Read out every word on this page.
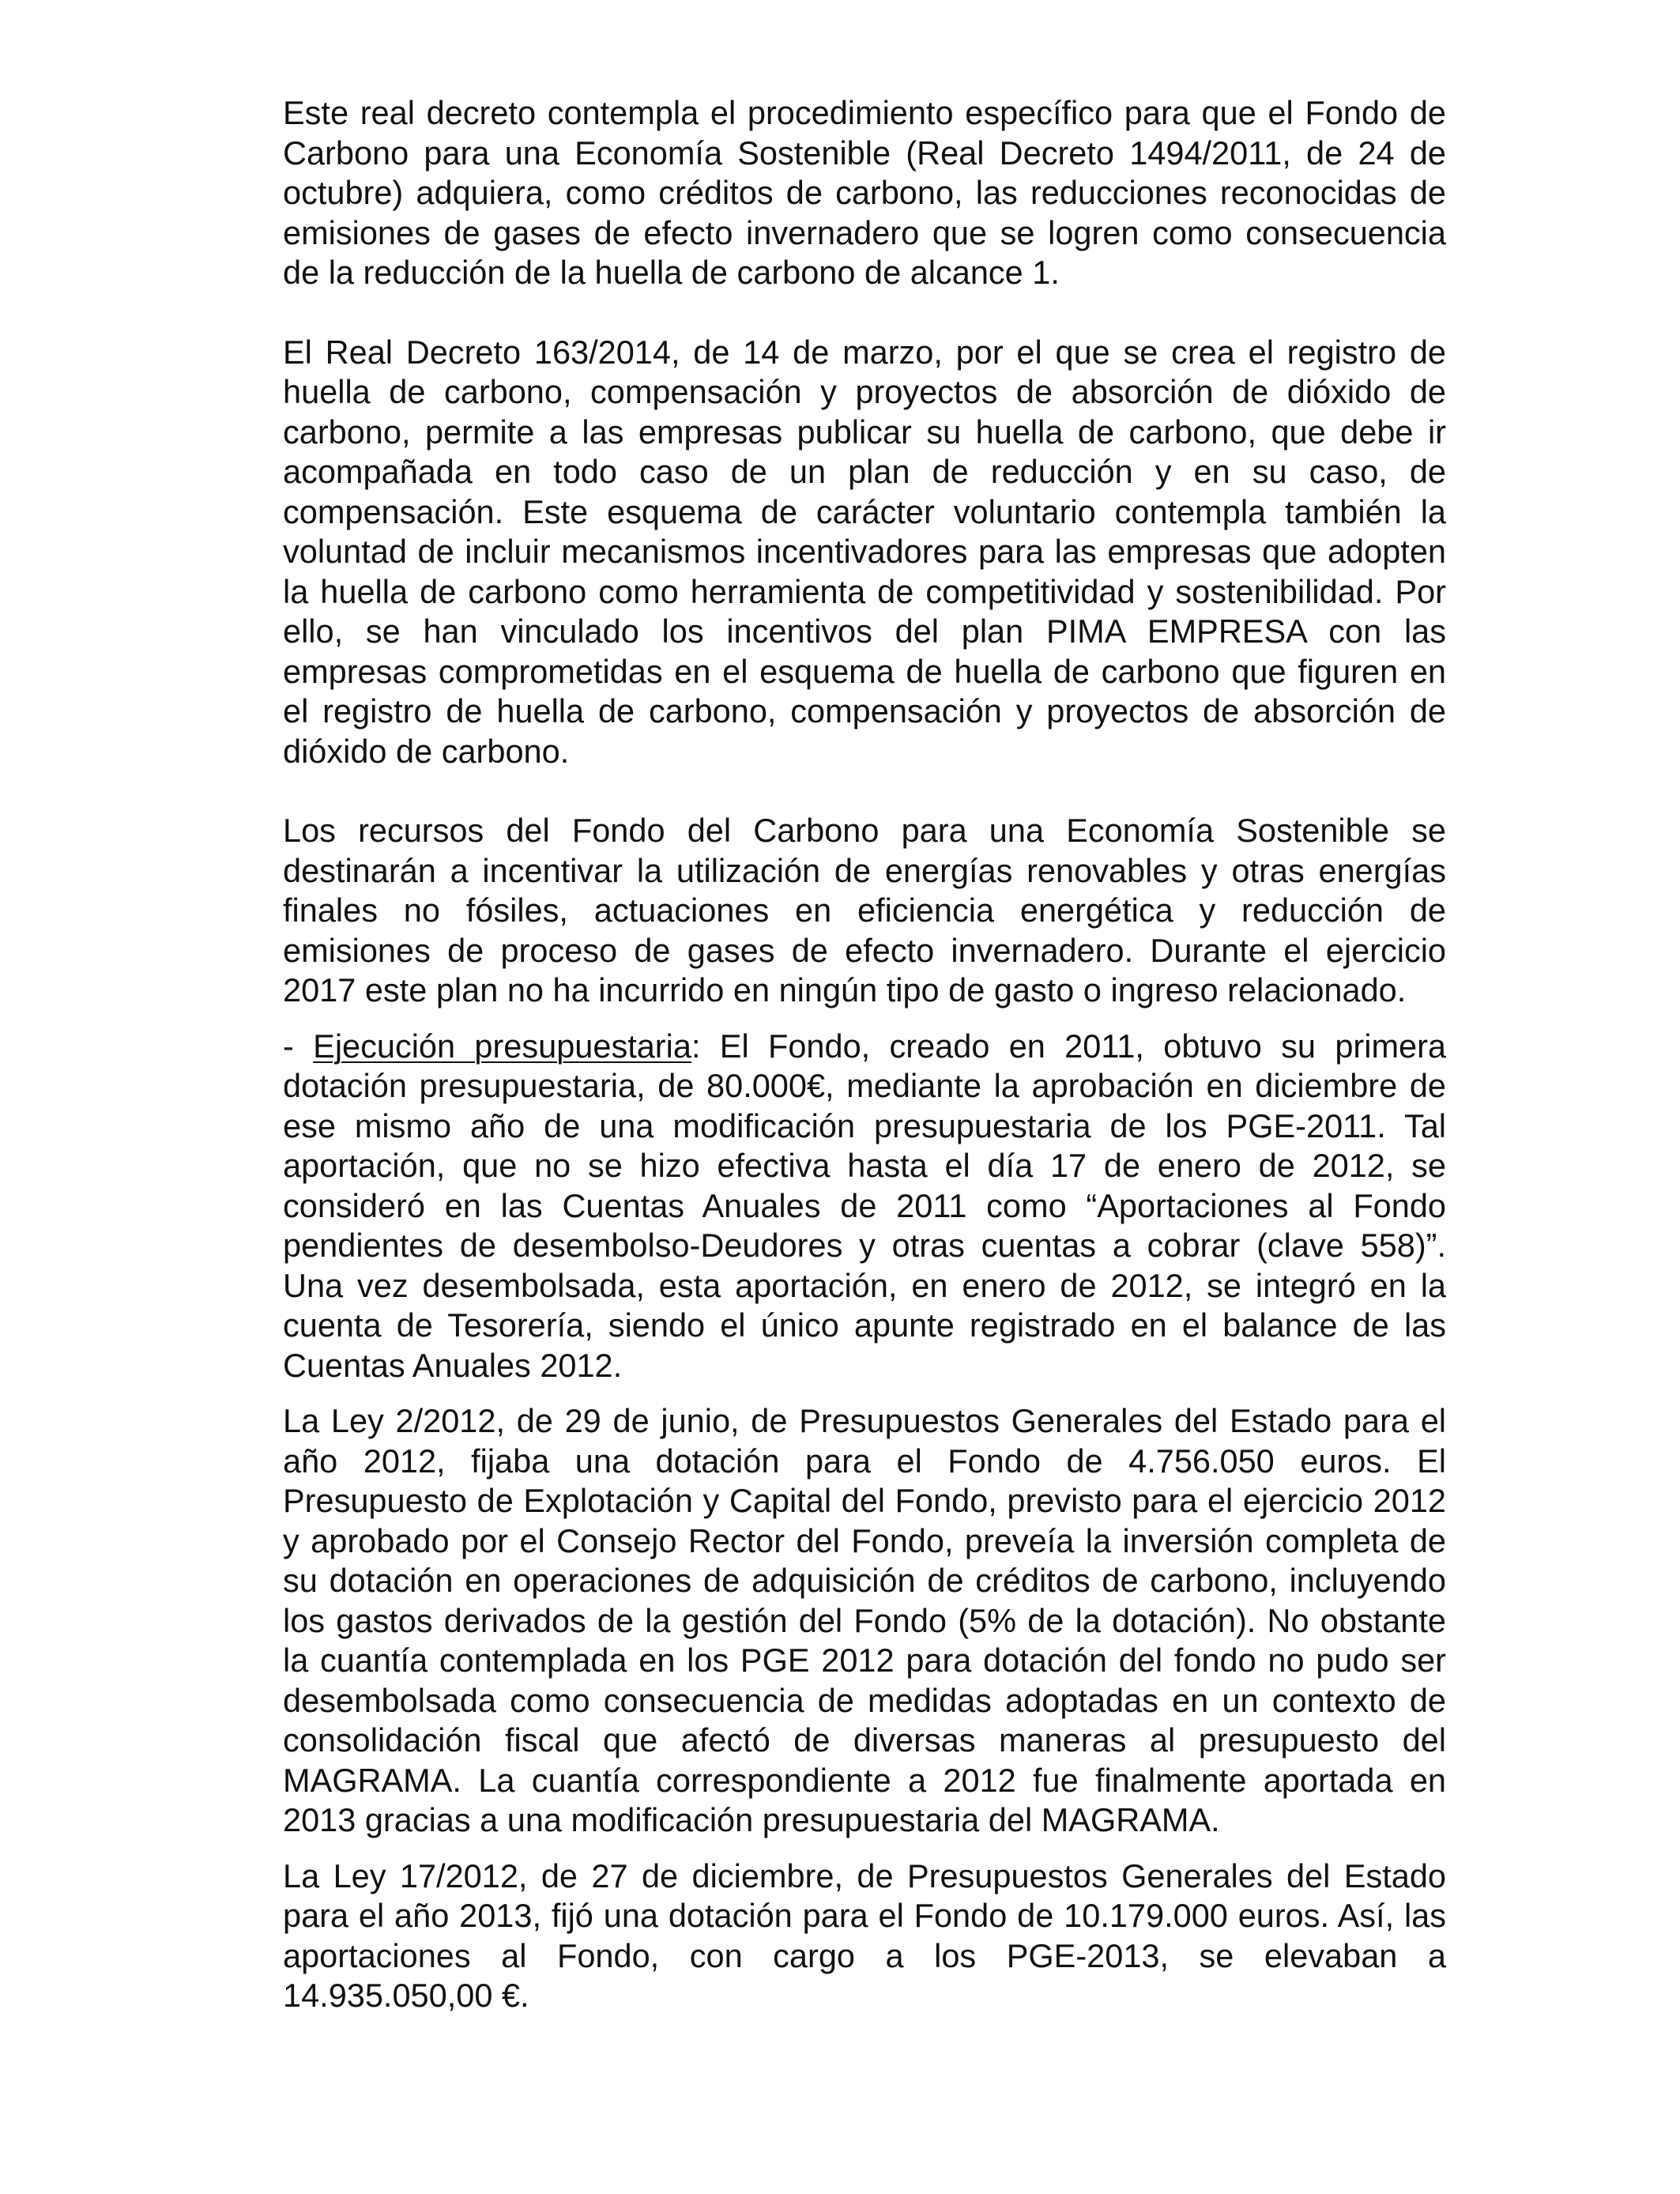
Este real decreto contempla el procedimiento específico para que el Fondo de Carbono para una Economía Sostenible (Real Decreto 1494/2011, de 24 de octubre) adquiera, como créditos de carbono, las reducciones reconocidas de emisiones de gases de efecto invernadero que se logren como consecuencia de la reducción de la huella de carbono de alcance 1.

El Real Decreto 163/2014, de 14 de marzo, por el que se crea el registro de huella de carbono, compensación y proyectos de absorción de dióxido de carbono, permite a las empresas publicar su huella de carbono, que debe ir acompañada en todo caso de un plan de reducción y en su caso, de compensación. Este esquema de carácter voluntario contempla también la voluntad de incluir mecanismos incentivadores para las empresas que adopten la huella de carbono como herramienta de competitividad y sostenibilidad. Por ello, se han vinculado los incentivos del plan PIMA EMPRESA con las empresas comprometidas en el esquema de huella de carbono que figuren en el registro de huella de carbono, compensación y proyectos de absorción de dióxido de carbono.

Los recursos del Fondo del Carbono para una Economía Sostenible se destinarán a incentivar la utilización de energías renovables y otras energías finales no fósiles, actuaciones en eficiencia energética y reducción de emisiones de proceso de gases de efecto invernadero. Durante el ejercicio 2017 este plan no ha incurrido en ningún tipo de gasto o ingreso relacionado.

- Ejecución presupuestaria: El Fondo, creado en 2011, obtuvo su primera dotación presupuestaria, de 80.000€, mediante la aprobación en diciembre de ese mismo año de una modificación presupuestaria de los PGE-2011. Tal aportación, que no se hizo efectiva hasta el día 17 de enero de 2012, se consideró en las Cuentas Anuales de 2011 como “Aportaciones al Fondo pendientes de desembolso-Deudores y otras cuentas a cobrar (clave 558)”. Una vez desembolsada, esta aportación, en enero de 2012, se integró en la cuenta de Tesorería, siendo el único apunte registrado en el balance de las Cuentas Anuales 2012.

La Ley 2/2012, de 29 de junio, de Presupuestos Generales del Estado para el año 2012, fijaba una dotación para el Fondo de 4.756.050 euros. El Presupuesto de Explotación y Capital del Fondo, previsto para el ejercicio 2012 y aprobado por el Consejo Rector del Fondo, preveía la inversión completa de su dotación en operaciones de adquisición de créditos de carbono, incluyendo los gastos derivados de la gestión del Fondo (5% de la dotación). No obstante la cuantía contemplada en los PGE 2012 para dotación del fondo no pudo ser desembolsada como consecuencia de medidas adoptadas en un contexto de consolidación fiscal que afectó de diversas maneras al presupuesto del MAGRAMA. La cuantía correspondiente a 2012 fue finalmente aportada en 2013 gracias a una modificación presupuestaria del MAGRAMA.

La Ley 17/2012, de 27 de diciembre, de Presupuestos Generales del Estado para el año 2013, fijó una dotación para el Fondo de 10.179.000 euros. Así, las aportaciones al Fondo, con cargo a los PGE-2013, se elevaban a 14.935.050,00 €.
